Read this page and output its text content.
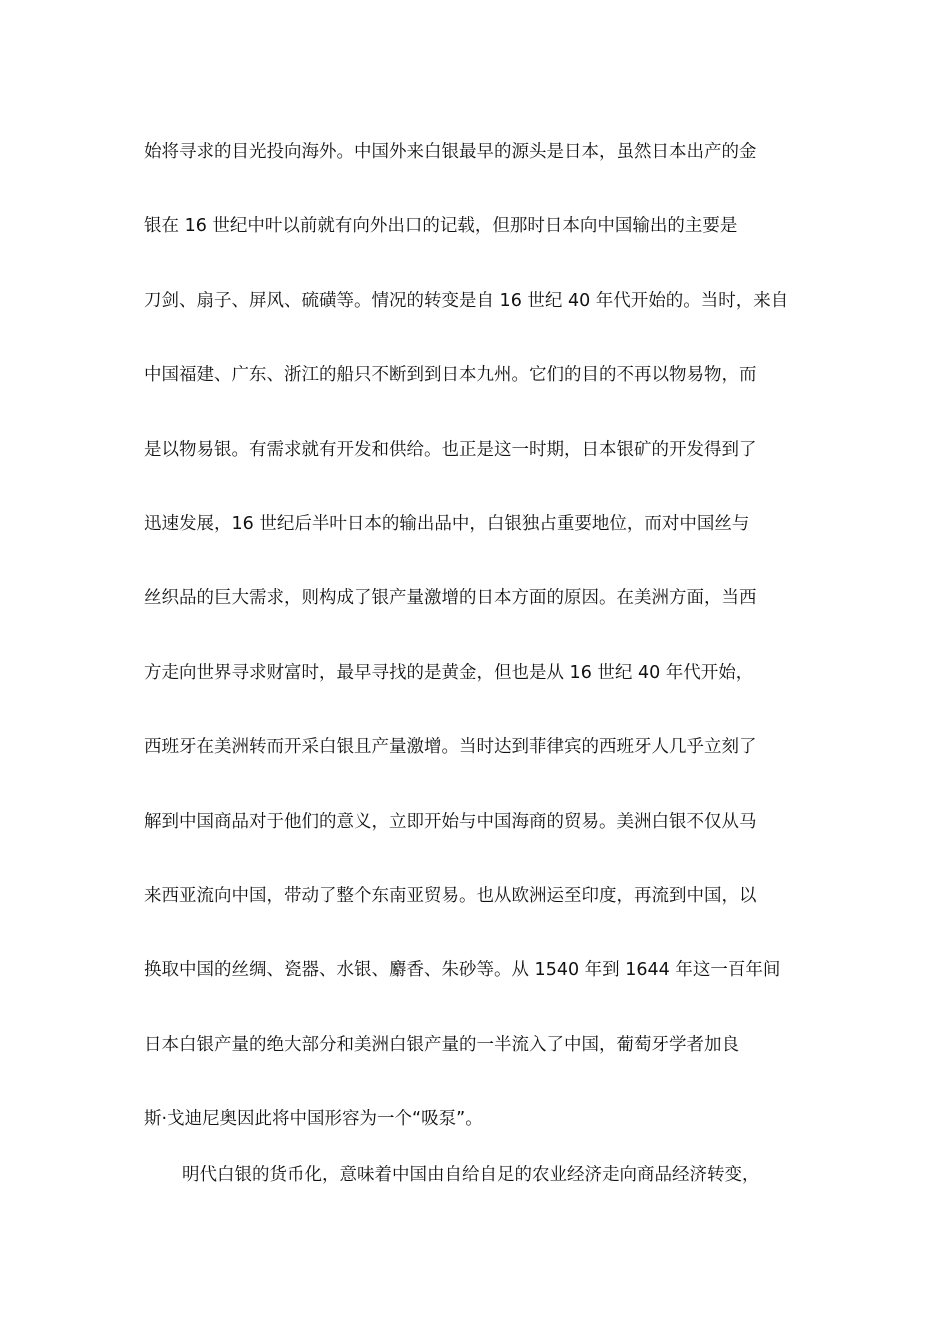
始将寻求的目光投向海外。中国外来白银最早的源头是日本，虽然日本出产的金
银在 16 世纪中叶以前就有向外出口的记载，但那时日本向中国输出的主要是
刀剑、扇子、屏风、硫磺等。情况的转变是自 16 世纪 40 年代开始的。当时，来自
中国福建、广东、浙江的船只不断到到日本九州。它们的目的不再以物易物，而
是以物易银。有需求就有开发和供给。也正是这一时期，日本银矿的开发得到了
迅速发展，16 世纪后半叶日本的输出品中，白银独占重要地位，而对中国丝与
丝织品的巨大需求，则构成了银产量激增的日本方面的原因。在美洲方面，当西
方走向世界寻求财富时，最早寻找的是黄金，但也是从 16 世纪 40 年代开始，
西班牙在美洲转而开采白银且产量激增。当时达到菲律宾的西班牙人几乎立刻了
解到中国商品对于他们的意义，立即开始与中国海商的贸易。美洲白银不仅从马
来西亚流向中国，带动了整个东南亚贸易。也从欧洲运至印度，再流到中国，以
换取中国的丝绸、瓷器、水银、麝香、朱砂等。从 1540 年到 1644 年这一百年间
日本白银产量的绝大部分和美洲白银产量的一半流入了中国，葡萄牙学者加良
斯·戈迪尼奥因此将中国形容为一个“吸泵”。
明代白银的货币化，意味着中国由自给自足的农业经济走向商品经济转变，
